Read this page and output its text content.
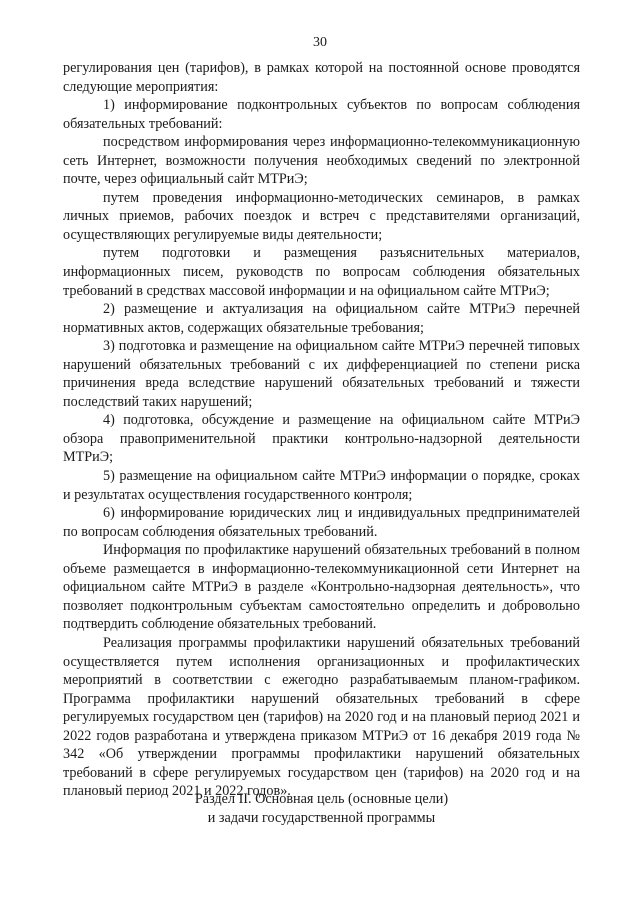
30

регулирования цен (тарифов), в рамках которой на постоянной основе проводятся следующие мероприятия:

1) информирование подконтрольных субъектов по вопросам соблюдения обязательных требований:

посредством информирования через информационно-телекоммуникационную сеть Интернет, возможности получения необходимых сведений по электронной почте, через официальный сайт МТРиЭ;

путем проведения информационно-методических семинаров, в рамках личных приемов, рабочих поездок и встреч с представителями организаций, осуществляющих регулируемые виды деятельности;

путем подготовки и размещения разъяснительных материалов, информационных писем, руководств по вопросам соблюдения обязательных требований в средствах массовой информации и на официальном сайте МТРиЭ;

2) размещение и актуализация на официальном сайте МТРиЭ перечней нормативных актов, содержащих обязательные требования;

3) подготовка и размещение на официальном сайте МТРиЭ перечней типовых нарушений обязательных требований с их дифференциацией по степени риска причинения вреда вследствие нарушений обязательных требований и тяжести последствий таких нарушений;

4) подготовка, обсуждение и размещение на официальном сайте МТРиЭ обзора правоприменительной практики контрольно-надзорной деятельности МТРиЭ;

5) размещение на официальном сайте МТРиЭ информации о порядке, сроках и результатах осуществления государственного контроля;

6) информирование юридических лиц и индивидуальных предпринимателей по вопросам соблюдения обязательных требований.

Информация по профилактике нарушений обязательных требований в полном объеме размещается в информационно-телекоммуникационной сети Интернет на официальном сайте МТРиЭ в разделе «Контрольно-надзорная деятельность», что позволяет подконтрольным субъектам самостоятельно определить и добровольно подтвердить соблюдение обязательных требований.

Реализация программы профилактики нарушений обязательных требований осуществляется путем исполнения организационных и профилактических мероприятий в соответствии с ежегодно разрабатываемым планом-графиком. Программа профилактики нарушений обязательных требований в сфере регулируемых государством цен (тарифов) на 2020 год и на плановый период 2021 и 2022 годов разработана и утверждена приказом МТРиЭ от 16 декабря 2019 года № 342 «Об утверждении программы профилактики нарушений обязательных требований в сфере регулируемых государством цен (тарифов) на 2020 год и на плановый период 2021 и 2022 годов».

Раздел II. Основная цель (основные цели)
и задачи государственной программы
